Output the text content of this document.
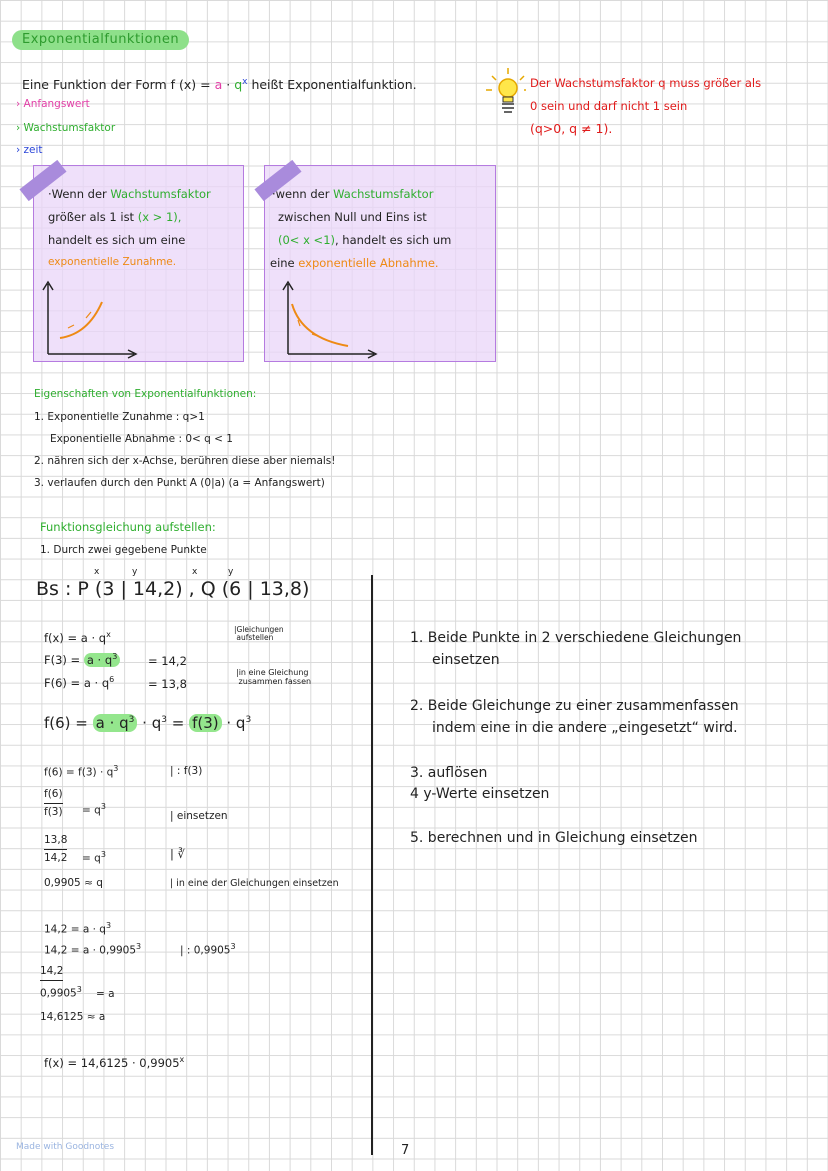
Exponentialfunktionen
Eine Funktion der Form f $(x) = a \cdot q^x$ heißt Exponentialfunktion.
› Anfangswert
› Wachstumsfaktor
› zeit
Der Wachstumsfaktor q muss größer als
0 sein und darf nicht 1 sein
(q>0, q ≠ 1).
·Wenn der Wachstumsfaktor
größer als 1 ist (x > 1),
handelt es sich um eine
exponentielle Zunahme.
·wenn der Wachstumsfaktor
zwischen Null und Eins ist
(0< x <1), handelt es sich um
eine exponentielle Abnahme.
Eigenschaften von Exponentialfunktionen:
1. Exponentielle Zunahme : q>1
Exponentielle Abnahme : 0< q < 1
2. nähren sich der x-Achse, berühren diese aber niemals!
3. verlaufen durch den Punkt A (0|a) (a = Anfangswert)
Funktionsgleichung aufstellen:
1. Durch zwei gegebene Punkte
x	y	x	y
Bs : P (3 | 14,2) , Q (6 | 13,8)
$f(x) = a \cdot q^x$
|Gleichungen
aufstellen
$F(3) = a \cdot q^3$	= 14,2
$F(6) = a \cdot q^6$	= 13,8
|in eine Gleichung
zusammen fassen
$f(6) = a \cdot q^3 \cdot q^3 = f(3) \cdot q^3$
$f(6) = f(3) \cdot q^3$	| : f(3)
f(6)
$f(3) = q^3$
| einsetzen
13,8
$14,2 = q^3$	| ∛
0,9905 ≈ q	| in eine der Gleichungen einsetzen
$14,2 = a \cdot q^3$
$14,2 = a \cdot 0,9905^3$	| : 0,9905$^3$
14,2
$0,9905^3 = a$
14,6125 ≈ a
$f(x) = 14,6125 \cdot 0,9905^x$
1. Beide Punkte in 2 verschiedene Gleichungen
einsetzen
2. Beide Gleichunge zu einer zusammenfassen
indem eine in die andere „eingesetzt“ wird.
3. auflösen
4 y-Werte einsetzen
5. berechnen und in Gleichung einsetzen
Made with Goodnotes	7
